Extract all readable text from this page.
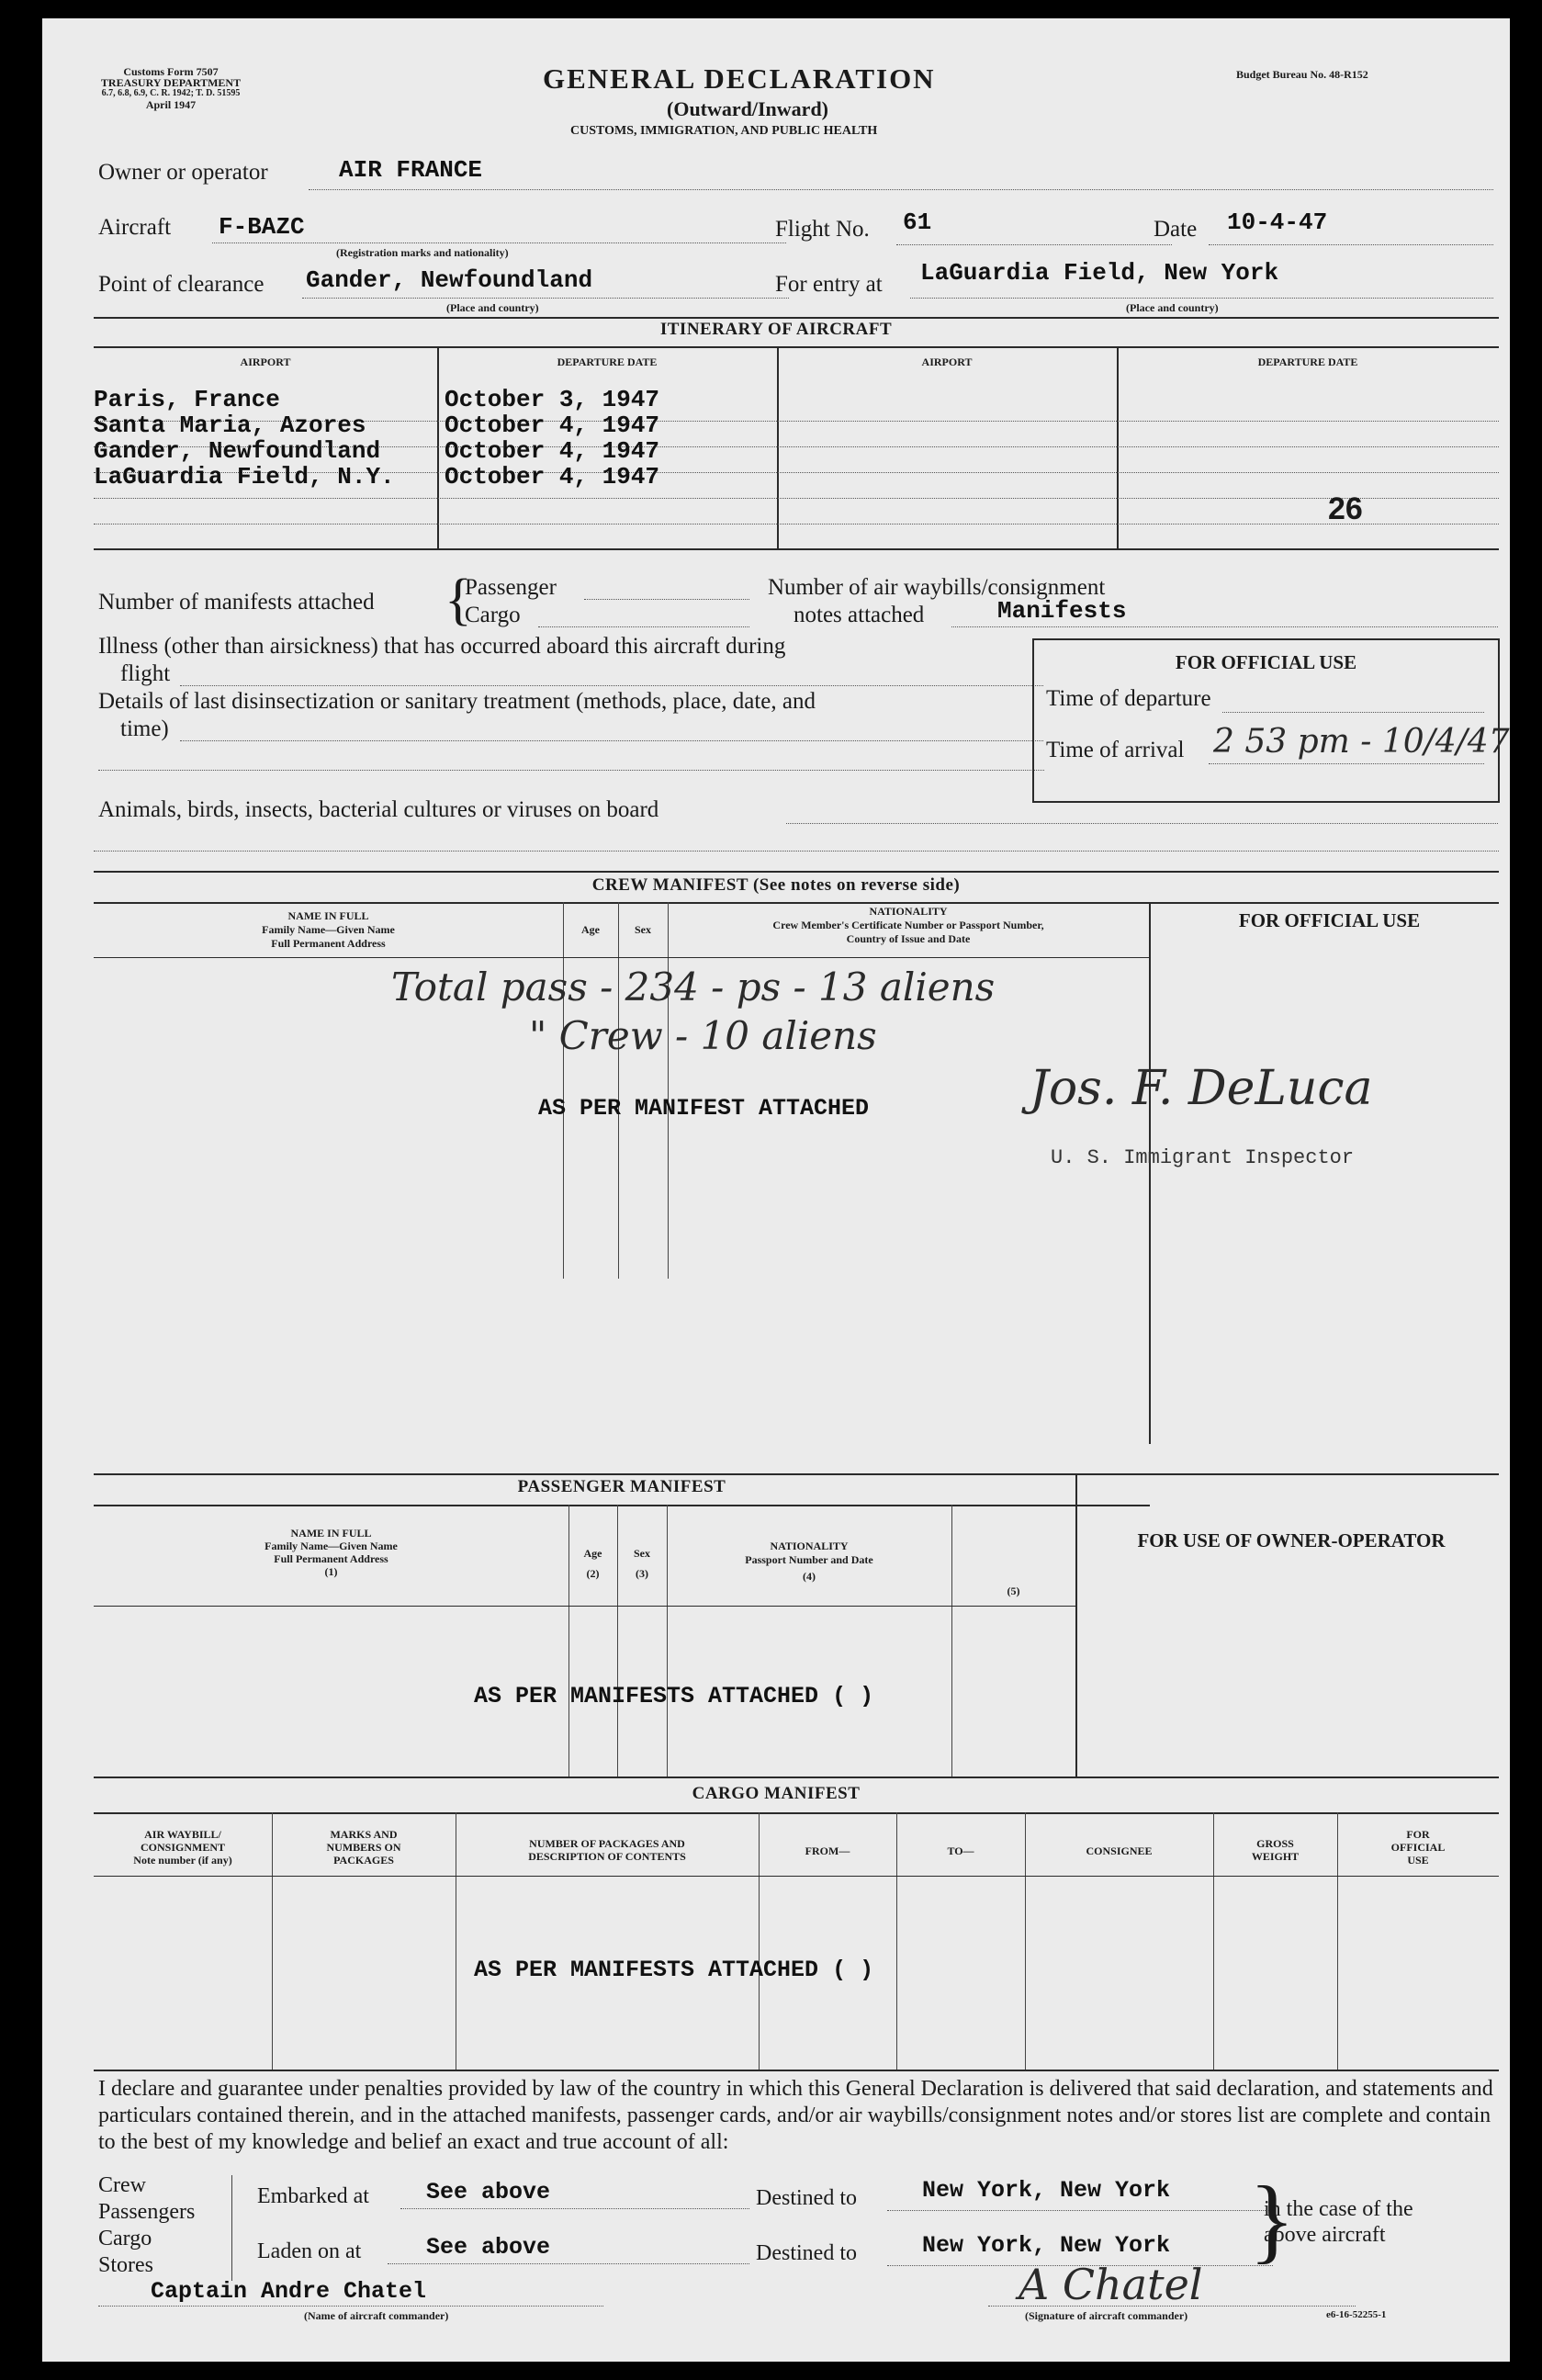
Customs Form 7507
TREASURY DEPARTMENT
6.7, 6.8, 6.9, C. R. 1942; T. D. 51595
April 1947
GENERAL DECLARATION
(Outward/Inward)
CUSTOMS, IMMIGRATION, AND PUBLIC HEALTH
Budget Bureau No. 48-R152
Owner or operator	AIR FRANCE
Aircraft F-BAZC
(Registration marks and nationality)
Flight No. 61	Date 10-4-47
Point of clearance Gander, Newfoundland
(Place and country)
For entry at LaGuardia Field, New York
(Place and country)
ITINERARY OF AIRCRAFT
AIRPORT	DEPARTURE DATE	AIRPORT	DEPARTURE DATE
Paris, France	October 3, 1947
Santa Maria, Azores	October 4, 1947
Gander, Newfoundland	October 4, 1947
LaGuardia Field, N.Y. October 4, 1947
26
Number of manifests attached {
Passenger
Cargo
Number of air waybills/consignment
notes attached	Manifests
Illness (other than airsickness) that has occurred aboard this aircraft during
flight
Details of last disinsectization or sanitary treatment (methods, place, date, and
time)
FOR OFFICIAL USE
Time of departure
Time of arrival 2 53 pm - 10/4/47
Animals, birds, insects, bacterial cultures or viruses on board
CREW MANIFEST (See notes on reverse side)
NAME IN FULL
Family Name—Given Name
Full Permanent Address
Age	Sex
NATIONALITY
Crew Member's Certificate Number or Passport Number,
Country of Issue and Date
FOR OFFICIAL USE
Total pass - 234 - ps - 13 aliens
" Crew - 10 aliens
AS PER MANIFEST ATTACHED	Jos. F. DeLuca
U. S. Immigrant Inspector
PASSENGER MANIFEST
NAME IN FULL
Family Name—Given Name
Full Permanent Address
(1)
Age
(2)
Sex
(3)
NATIONALITY
Passport Number and Date
(4)
(5)
FOR USE OF OWNER-OPERATOR
AS PER MANIFESTS ATTACHED ( )
CARGO MANIFEST
AIR WAYBILL/
CONSIGNMENT
Note number (if any)
MARKS AND
NUMBERS ON
PACKAGES
NUMBER OF PACKAGES AND
DESCRIPTION OF CONTENTS	FROM—	TO—	CONSIGNEE
GROSS
WEIGHT
FOR
OFFICIAL
USE
AS PER MANIFESTS ATTACHED ( )
I declare and guarantee under penalties provided by law of the country in which this General Declaration is delivered that said declaration, and statements and particulars contained therein, and in the attached manifests, passenger cards, and/or air waybills/consignment notes and/or stores list are complete and contain to the best of my knowledge and belief an exact and true account of all:
Crew
Passengers
Cargo
Stores
Embarked at See above
Laden on at	See above
Destined to	New York, New York
Destined to	New York, New York }
in the case of the
above aircraft
Captain Andre Chatel
(Name of aircraft commander)
A Chatel
(Signature of aircraft commander)	e6-16-52255-1
